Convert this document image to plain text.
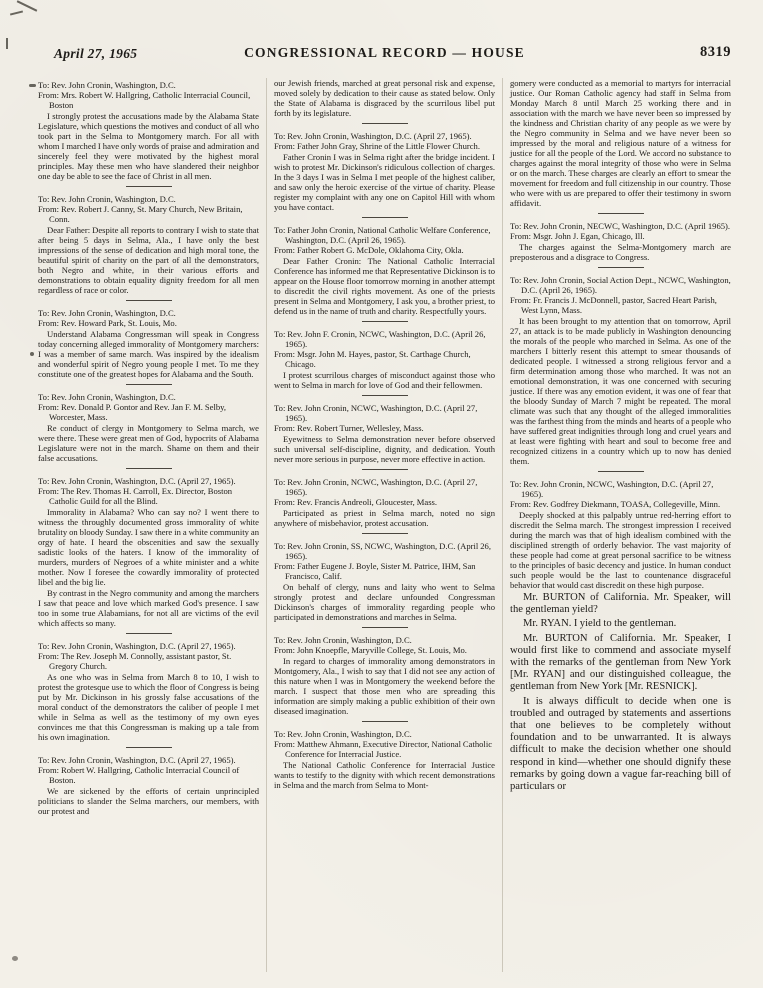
April 27, 1965	CONGRESSIONAL RECORD — HOUSE	8319
To: Rev. John Cronin, Washington, D.C.
From: Mrs. Robert W. Hallgring, Catholic Interracial Council, Boston

I strongly protest the accusations made by the Alabama State Legislature, which questions the motives and conduct of all who took part in the Selma to Montgomery march. For all with whom I marched I have only words of praise and admiration and sincerely feel they were motivated by the highest moral principles. May these men who have slandered their neighbor one day be able to see the face of Christ in all men.

To: Rev. John Cronin, Washington, D.C.
From: Rev. Robert J. Canny, St. Mary Church, New Britain, Conn.

Dear Father: Despite all reports to contrary I wish to state that after being 5 days in Selma, Ala., I have only the best impressions of the sense of dedication and high moral tone, the beautiful spirit of charity on the part of all the demonstrators, both Negro and white, in their various efforts and demonstrations to obtain equality dignity freedom for all men regardless of race or color.

To: Rev. John Cronin, Washington, D.C.
From: Rev. Howard Park, St. Louis, Mo.

Understand Alabama Congressman will speak in Congress today concerning alleged immorality of Montgomery marchers: I was a member of same march. Was inspired by the idealism and wonderful spirit of Negro young people I met. To me they constitute one of the greatest hopes for Alabama and the South.

To: Rev. John Cronin, Washington, D.C.
From: Rev. Donald P. Gontor and Rev. Jan F. M. Selby, Worcester, Mass.

Re conduct of clergy in Montgomery to Selma march, we were there. These were great men of God, hypocrits of Alabama Legislature were not in the march. Shame on them and their false accusations.

To: Rev. John Cronin, Washington, D.C. (April 27, 1965).
From: The Rev. Thomas H. Carroll, Ex. Director, Boston Catholic Guild for all the Blind.

Immorality in Alabama? Who can say no? I went there to witness the throughly documented gross immorality of white brutality on bloody Sunday. I saw there in a white community an orgy of hate. I heard the obscenities and saw the sexually sadistic looks of the haters. I know of the immorality of murders, murders of Negroes of a white minister and a white mother. Now I foresee the cowardly immorality of protected libel and the big lie.

By contrast in the Negro community and among the marchers I saw that peace and love which marked God's presence. I saw too in some true Alabamians, for not all are victims of the evil which affects so many.

To: Rev. John Cronin, Washington, D.C. (April 27, 1965).
From: The Rev. Joseph M. Connolly, assistant pastor, St. Gregory Church.

As one who was in Selma from March 8 to 10, I wish to protest the grotesque use to which the floor of Congress is being put by Mr. Dickinson in his grossly false accusations of the moral conduct of the demonstrators the caliber of people I met while in Selma as well as the testimony of my own eyes convinces me that this Congressman is making up a tale from his own imagination.

To: Rev. John Cronin, Washington, D.C. (April 27, 1965).
From: Robert W. Hallgring, Catholic Interracial Council of Boston.

We are sickened by the efforts of certain unprincipled politicians to slander the Selma marchers, our members, with our protest and

our Jewish friends, marched at great personal risk and expense, moved solely by dedication to their cause as stated below. Only the State of Alabama is disgraced by the scurrilous libel put forth by its legislature.

To: Rev. John Cronin, Washington, D.C. (April 27, 1965).
From: Father John Gray, Shrine of the Little Flower Church.

Father Cronin I was in Selma right after the bridge incident. I wish to protest Mr. Dickinson's ridiculous collection of charges. In the 3 days I was in Selma I met people of the highest caliber, and saw only the heroic exercise of the virtue of charity. Please register my complaint with any one on Capitol Hill with whom you have contact.

To: Father John Cronin, National Catholic Welfare Conference, Washington, D.C. (April 26, 1965).
From: Father Robert G. McDole, Oklahoma City, Okla.

Dear Father Cronin: The National Catholic Interracial Conference has informed me that Representative Dickinson is to appear on the House floor tomorrow morning in another attempt to discredit the civil rights movement. As one of the priests present in Selma and Montgomery, I ask you, a brother priest, to defend us in the name of truth and charity. Respectfully yours.

To: Rev. John F. Cronin, NCWC, Washington, D.C. (April 26, 1965).
From: Msgr. John M. Hayes, pastor, St. Carthage Church, Chicago.

I protest scurrilous charges of misconduct against those who went to Selma in march for love of God and their fellowmen.

To: Rev. John Cronin, NCWC, Washington, D.C. (April 27, 1965).
From: Rev. Robert Turner, Wellesley, Mass.

Eyewitness to Selma demonstration never before observed such universal self-discipline, dignity, and dedication. Youth never more serious in purpose, never more effective in action.

To: Rev. John Cronin, NCWC, Washington, D.C. (April 27, 1965).
From: Rev. Francis Andreoli, Gloucester, Mass.

Participated as priest in Selma march, noted no sign anywhere of misbehavior, protest accusation.

To: Rev. John Cronin, SS, NCWC, Washington, D.C. (April 26, 1965).
From: Father Eugene J. Boyle, Sister M. Patrice, IHM, San Francisco, Calif.

On behalf of clergy, nuns and laity who went to Selma strongly protest and declare unfounded Congressman Dickinson's charges of immorality regarding people who participated in demonstrations and marches in Selma.

To: Rev. John Cronin, Washington, D.C.
From: John Knoepfle, Maryville College, St. Louis, Mo.

In regard to charges of immorality among demonstrators in Montgomery, Ala., I wish to say that I did not see any action of this nature when I was in Montgomery the weekend before the march. I suspect that those men who are spreading this information are simply making a public exhibition of their own diseased imagination.

To: Rev. John Cronin, Washington, D.C.
From: Matthew Ahmann, Executive Director, National Catholic Conference for Interracial Justice.

The National Catholic Conference for Interracial Justice wants to testify to the dignity with which recent demonstrations in Selma and the march from Selma to Mont-

gomery were conducted as a memorial to martyrs for interracial justice. Our Roman Catholic agency had staff in Selma from Monday March 8 until March 25 working there and in association with the march we have never been so impressed by the kindness and Christian charity of any people as we were by the Negro community in Selma and we have never been so impressed by the moral and religious nature of a witness for justice for all the people of the Lord. We accord no substance to charges against the moral integrity of those who were in Selma or on the march. These charges are clearly an effort to smear the movement for freedom and full citizenship in our country. Those who were with us are prepared to offer their testimony in sworn affidavit.

To: Rev. John Cronin, NECWC, Washington, D.C. (April 1965).
From: Msgr. John J. Egan, Chicago, Ill.

The charges against the Selma-Montgomery march are preposterous and a disgrace to Congress.

To: Rev. John Cronin, Social Action Dept., NCWC, Washington, D.C. (April 26, 1965).
From: Fr. Francis J. McDonnell, pastor, Sacred Heart Parish, West Lynn, Mass.

It has been brought to my attention that on tomorrow, April 27, an attack is to be made publicly in Washington denouncing the morals of the people who marched in Selma. As one of the marchers I bitterly resent this attempt to smear thousands of dedicated people. I witnessed a strong religious fervor and a firm determination among those who marched. It was not an emotional demonstration, it was one concerned with securing justice. If there was any emotion evident, it was one of fear that the bloody Sunday of March 7 might be repeated. The moral climate was such that any thought of the alleged immoralities was the farthest thing from the minds and hearts of a people who have suffered great indignities through long and cruel years and at least were fighting with heart and soul to become free and recognized citizens in a country which up to now has denied them.

To: Rev. John Cronin, NCWC, Washington, D.C. (April 27, 1965).
From: Rev. Godfrey Diekmann, TOASA, Collegeville, Minn.

Deeply shocked at this palpably untrue red-herring effort to discredit the Selma march. The strongest impression I received during the march was that of high idealism combined with the disciplined strength of orderly behavior. The vast majority of these people had come at great personal sacrifice to be witness to the principles of basic decency and justice. In human conduct such people would be the last to countenance disgraceful behavior that would cast discredit on these high purpose.

Mr. BURTON of California. Mr. Speaker, will the gentleman yield?

Mr. RYAN. I yield to the gentleman.

Mr. BURTON of California. Mr. Speaker, I would first like to commend and associate myself with the remarks of the gentleman from New York [Mr. RYAN] and our distinguished colleague, the gentleman from New York [Mr. RESNICK].

It is always difficult to decide when one is troubled and outraged by statements and assertions that one believes to be completely without foundation and to be unwarranted. It is always difficult to make the decision whether one should respond in kind—whether one should dignify these remarks by going down a vague far-reaching bill of particulars or
